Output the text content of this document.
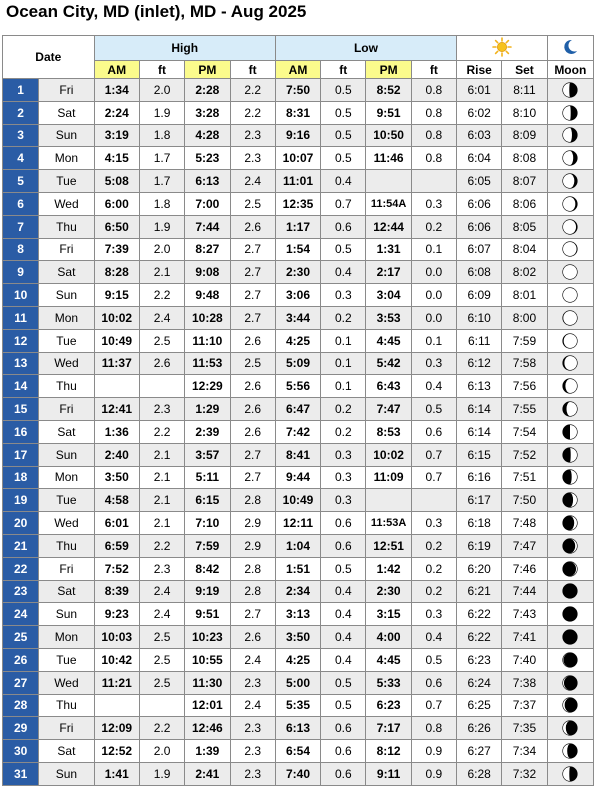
Ocean City, MD (inlet), MD - Aug 2025
Date		High				Low		
		AM	ft	PM	ft	AM	ft	PM	ft	Rise	Set	Moon
1	Fri	1:34	2.0	2:28	2.2	7:50	0.5	8:52	0.8	6:01	8:11	

2	Sat	2:24	1.9	3:28	2.2	8:31	0.5	9:51	0.8	6:02	8:10	

3	Sun	3:19	1.8	4:28	2.3	9:16	0.5	10:50	0.8	6:03	8:09	

4	Mon	4:15	1.7	5:23	2.3	10:07	0.5	11:46	0.8	6:04	8:08	

5	Tue	5:08	1.7	6:13	2.4	11:01	0.4			6:05	8:07	

6	Wed	6:00	1.8	7:00	2.5	12:35	0.7	11:54A	0.3	6:06	8:06	

7	Thu	6:50	1.9	7:44	2.6	1:17	0.6	12:44	0.2	6:06	8:05	

8	Fri	7:39	2.0	8:27	2.7	1:54	0.5	1:31	0.1	6:07	8:04	

9	Sat	8:28	2.1	9:08	2.7	2:30	0.4	2:17	0.0	6:08	8:02	

10	Sun	9:15	2.2	9:48	2.7	3:06	0.3	3:04	0.0	6:09	8:01	

11	Mon	10:02	2.4	10:28	2.7	3:44	0.2	3:53	0.0	6:10	8:00	

12	Tue	10:49	2.5	11:10	2.6	4:25	0.1	4:45	0.1	6:11	7:59	

13	Wed	11:37	2.6	11:53	2.5	5:09	0.1	5:42	0.3	6:12	7:58	

14	Thu			12:29	2.6	5:56	0.1	6:43	0.4	6:13	7:56	

15	Fri	12:41	2.3	1:29	2.6	6:47	0.2	7:47	0.5	6:14	7:55	

16	Sat	1:36	2.2	2:39	2.6	7:42	0.2	8:53	0.6	6:14	7:54	

17	Sun	2:40	2.1	3:57	2.7	8:41	0.3	10:02	0.7	6:15	7:52	

18	Mon	3:50	2.1	5:11	2.7	9:44	0.3	11:09	0.7	6:16	7:51	

19	Tue	4:58	2.1	6:15	2.8	10:49	0.3			6:17	7:50	

20	Wed	6:01	2.1	7:10	2.9	12:11	0.6	11:53A	0.3	6:18	7:48	

21	Thu	6:59	2.2	7:59	2.9	1:04	0.6	12:51	0.2	6:19	7:47	

22	Fri	7:52	2.3	8:42	2.8	1:51	0.5	1:42	0.2	6:20	7:46	

23	Sat	8:39	2.4	9:19	2.8	2:34	0.4	2:30	0.2	6:21	7:44	

24	Sun	9:23	2.4	9:51	2.7	3:13	0.4	3:15	0.3	6:22	7:43	

25	Mon	10:03	2.5	10:23	2.6	3:50	0.4	4:00	0.4	6:22	7:41	

26	Tue	10:42	2.5	10:55	2.4	4:25	0.4	4:45	0.5	6:23	7:40	

27	Wed	11:21	2.5	11:30	2.3	5:00	0.5	5:33	0.6	6:24	7:38	

28	Thu			12:01	2.4	5:35	0.5	6:23	0.7	6:25	7:37	

29	Fri	12:09	2.2	12:46	2.3	6:13	0.6	7:17	0.8	6:26	7:35	

30	Sat	12:52	2.0	1:39	2.3	6:54	0.6	8:12	0.9	6:27	7:34	

31	Sun	1:41	1.9	2:41	2.3	7:40	0.6	9:11	0.9	6:28	7:32	
